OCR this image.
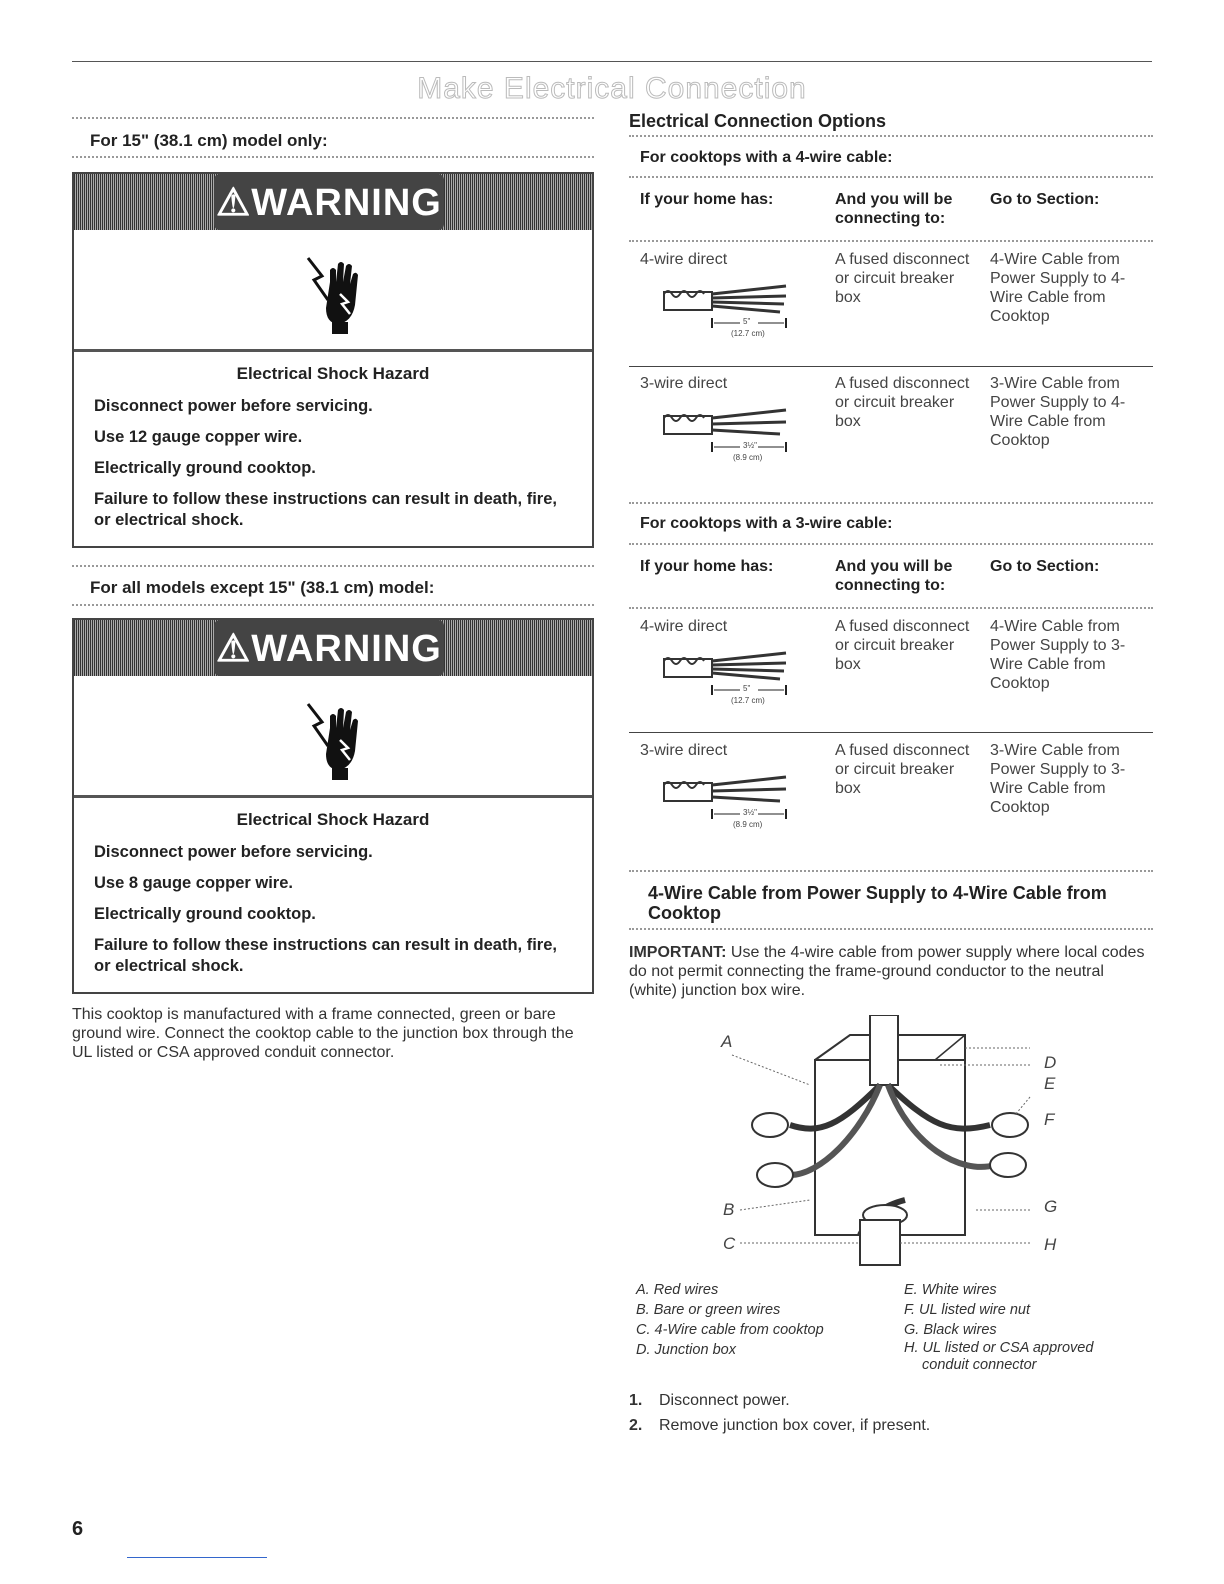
Make Electrical Connection
For 15" (38.1 cm) model only:
⚠WARNING
Electrical Shock Hazard
Disconnect power before servicing.
Use 12 gauge copper wire.
Electrically ground cooktop.
Failure to follow these instructions can result in death, fire, or electrical shock.
For all models except 15" (38.1 cm) model:
⚠WARNING
Electrical Shock Hazard
Disconnect power before servicing.
Use 8 gauge copper wire.
Electrically ground cooktop.
Failure to follow these instructions can result in death, fire, or electrical shock.
This cooktop is manufactured with a frame connected, green or bare ground wire. Connect the cooktop cable to the junction box through the UL listed or CSA approved conduit connector.
Electrical Connection Options
For cooktops with a 4-wire cable:
If your home has:	And you will be connecting to:
Go to Section:
4-wire direct
5"
(12.7 cm)
A fused disconnect or circuit breaker box
4-Wire Cable from Power Supply to 4-Wire Cable from Cooktop
3-wire direct
3½"
(8.9 cm)
A fused disconnect or circuit breaker box
3-Wire Cable from Power Supply to 4-Wire Cable from Cooktop
For cooktops with a 3-wire cable:
If your home has:	And you will be connecting to:
Go to Section:
4-wire direct
5"
(12.7 cm)
A fused disconnect or circuit breaker box
4-Wire Cable from Power Supply to 3-Wire Cable from Cooktop
3-wire direct
3½"
(8.9 cm)
A fused disconnect or circuit breaker box
3-Wire Cable from Power Supply to 3-Wire Cable from Cooktop
4-Wire Cable from Power Supply to 4-Wire Cable from Cooktop
IMPORTANT: Use the 4-wire cable from power supply where local codes do not permit connecting the frame-ground conductor to the neutral (white) junction box wire.
A
B
C
D
E
F
G
H
A. Red wires
B. Bare or green wires
C. 4-Wire cable from cooktop
D. Junction box
E. White wires
F. UL listed wire nut
G. Black wires
H. UL listed or CSA approved conduit connector
1. Disconnect power.
2. Remove junction box cover, if present.
6
